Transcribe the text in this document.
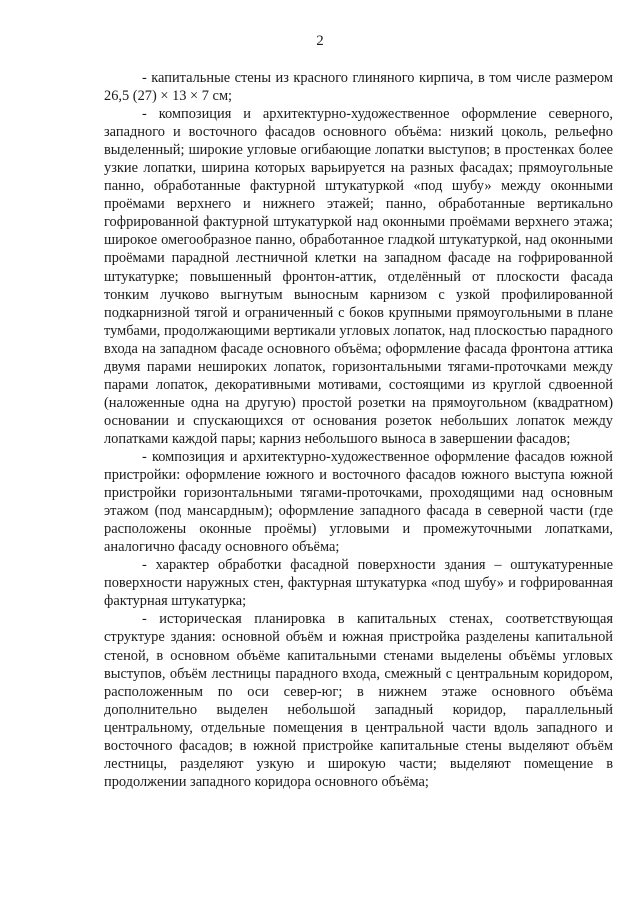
2

- капитальные стены из красного глиняного кирпича, в том числе размером 26,5 (27) × 13 × 7 см;

- композиция и архитектурно-художественное оформление северного, западного и восточного фасадов основного объёма: низкий цоколь, рельефно выделенный; широкие угловые огибающие лопатки выступов; в простенках более узкие лопатки, ширина которых варьируется на разных фасадах; прямоугольные панно, обработанные фактурной штукатуркой «под шубу» между оконными проёмами верхнего и нижнего этажей; панно, обработанные вертикально гофрированной фактурной штукатуркой над оконными проёмами верхнего этажа; широкое омегообразное панно, обработанное гладкой штукатуркой, над оконными проёмами парадной лестничной клетки на западном фасаде на гофрированной штукатурке; повышенный фронтон-аттик, отделённый от плоскости фасада тонким лучково выгнутым выносным карнизом с узкой профилированной подкарнизной тягой и ограниченный с боков крупными прямоугольными в плане тумбами, продолжающими вертикали угловых лопаток, над плоскостью парадного входа на западном фасаде основного объёма; оформление фасада фронтона аттика двумя парами неширoких лопаток, горизонтальными тягами-проточками между парами лопаток, декоративными мотивами, состоящими из круглой сдвоенной (наложенные одна на другую) простой розетки на прямоугольном (квадратном) основании и спускающихся от основания розеток небольших лопаток между лопатками каждой пары; карниз небольшого выноса в завершении фасадов;

- композиция и архитектурно-художественное оформление фасадов южной пристройки: оформление южного и восточного фасадов южного выступа южной пристройки горизонтальными тягами-проточками, проходящими над основным этажом (под мансардным); оформление западного фасада в северной части (где расположены оконные проёмы) угловыми и промежуточными лопатками, аналогично фасаду основного объёма;

- характер обработки фасадной поверхности здания – оштукатуренные поверхности наружных стен, фактурная штукатурка «под шубу» и гофрированная фактурная штукатурка;

- историческая планировка в капитальных стенах, соответствующая структуре здания: основной объём и южная пристройка разделены капитальной стеной, в основном объёме капитальными стенами выделены объёмы угловых выступов, объём лестницы парадного входа, смежный с центральным коридором, расположенным по оси север-юг; в нижнем этаже основного объёма дополнительно выделен небольшой западный коридор, параллельный центральному, отдельные помещения в центральной части вдоль западного и восточного фасадов; в южной пристройке капитальные стены выделяют объём лестницы, разделяют узкую и широкую части; выделяют помещение в продолжении западного коридора основного объёма;
